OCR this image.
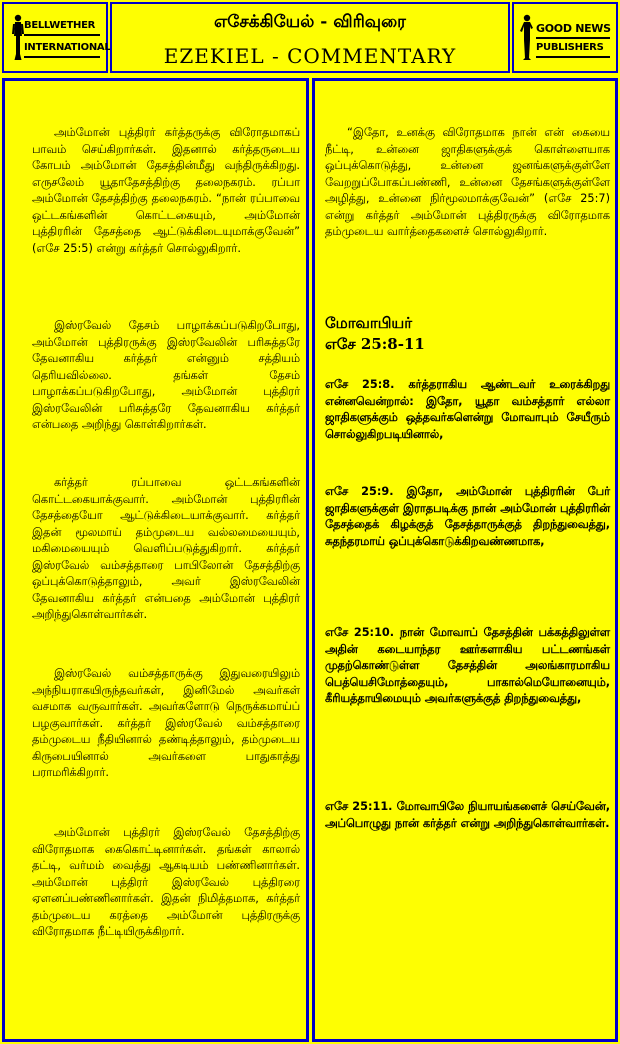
BELLWETHER
INTERNATIONAL
எசேக்கியேல் - விரிவுரை
EZEKIEL - COMMENTARY
GOOD NEWS
PUBLISHERS
அம்மோன் புத்திரர் கர்த்தருக்கு விரோதமாகப் பாவம் செய்கிறார்கள். இதனால் கர்த்தருடைய கோபம் அம்மோன் தேசத்தின்மீது வந்திருக்கிறது. எருசலேம் யூதாதேசத்திற்கு தலைநகரம். ரப்பா அம்மோன் தேசத்திற்கு தலைநகரம். “நான் ரப்பாவை ஒட்டகங்களின் கொட்டகையும், அம்மோன் புத்திரரின் தேசத்தை ஆட்டுக்கிடையுமாக்குவேன்” (எசே 25:5) என்று கர்த்தர் சொல்லுகிறார்.
இஸ்ரவேல் தேசம் பாழாக்கப்படுகிறபோது, அம்மோன் புத்திரருக்கு இஸ்ரவேலின் பரிசுத்தரே தேவனாகிய கர்த்தர் என்னும் சத்தியம் தெரியவில்லை. தங்கள் தேசம் பாழாக்கப்படுகிறபோது, அம்மோன் புத்திரர் இஸ்ரவேலின் பரிசுத்தரே தேவனாகிய கர்த்தர் என்பதை அறிந்து கொள்கிறார்கள்.
கர்த்தர் ரப்பாவை ஒட்டகங்களின் கொட்டகையாக்குவார். அம்மோன் புத்திரரின் தேசத்தையோ ஆட்டுக்கிடையாக்குவார். கர்த்தர் இதன் மூலமாய் தம்முடைய வல்லமையையும், மகிமையையும் வெளிப்படுத்துகிறார். கர்த்தர் இஸ்ரவேல் வம்சத்தாரை பாபிலோன் தேசத்திற்கு ஒப்புக்கொடுத்தாலும், அவர் இஸ்ரவேலின் தேவனாகிய கர்த்தர் என்பதை அம்மோன் புத்திரர் அறிந்துகொள்வார்கள்.
இஸ்ரவேல் வம்சத்தாருக்கு இதுவரையிலும் அந்நியராகயிருந்தவர்கள், இனிமேல் அவர்கள் வசமாக வருவார்கள். அவர்களோடு நெருக்கமாய்ப் பழகுவார்கள். கர்த்தர் இஸ்ரவேல் வம்சத்தாரை தம்முடைய நீதியினால் தண்டித்தாலும், தம்முடைய கிருபையினால் அவர்களை பாதுகாத்து பராமரிக்கிறார்.
அம்மோன் புத்திரர் இஸ்ரவேல் தேசத்திற்கு விரோதமாக கைகொட்டினார்கள். தங்கள் காலால் தட்டி, வர்மம் வைத்து ஆகடியம் பண்ணினார்கள். அம்மோன் புத்திரர் இஸ்ரவேல் புத்திரரை ஏளனப்பண்ணினார்கள். இதன் நிமித்தமாக, கர்த்தர் தம்முடைய கரத்தை அம்மோன் புத்திரருக்கு விரோதமாக நீட்டியிருக்கிறார்.
“இதோ, உனக்கு விரோதமாக நான் என் கையை நீட்டி, உன்னை ஜாதிகளுக்குக் கொள்ளையாக ஒப்புக்கொடுத்து, உன்னை ஜனங்களுக்குள்ளே வேறறுப்போகப்பண்ணி, உன்னை தேசங்களுக்குள்ளே அழித்து, உன்னை நிர்மூலமாக்குவேன்” (எசே 25:7) என்று கர்த்தர் அம்மோன் புத்திரருக்கு விரோதமாக தம்முடைய வார்த்தைகளைச் சொல்லுகிறார்.
மோவாபியர்
எசே 25:8-11
எசே 25:8. கர்த்தராகிய ஆண்டவர் உரைக்கிறது என்னவென்றால்: இதோ, யூதா வம்சத்தார் எல்லா ஜாதிகளுக்கும் ஒத்தவர்களென்று மோவாபும் சேயீரும் சொல்லுகிறபடியினால்,
எசே 25:9. இதோ, அம்மோன் புத்திரரின் பேர் ஜாதிகளுக்குள் இராதபடிக்கு நான் அம்மோன் புத்திரரின் தேசத்தைக் கிழக்குத் தேசத்தாருக்குத் திறந்துவைத்து, சுதந்தரமாய் ஒப்புக்கொடுக்கிறவண்ணமாக,
எசே 25:10. நான் மோவாப் தேசத்தின் பக்கத்திலுள்ள அதின் கடையாந்தர ஊர்களாகிய பட்டணங்கள் முதற்கொண்டுள்ள தேசத்தின் அலங்காரமாகிய பெத்யெசிமோத்தையும், பாகால்மெயோனையும், கீரியத்தாயிமையும் அவர்களுக்குத் திறந்துவைத்து,
எசே 25:11. மோவாபிலே நியாயங்களைச் செய்வேன், அப்பொழுது நான் கர்த்தர் என்று அறிந்துகொள்வார்கள்.
